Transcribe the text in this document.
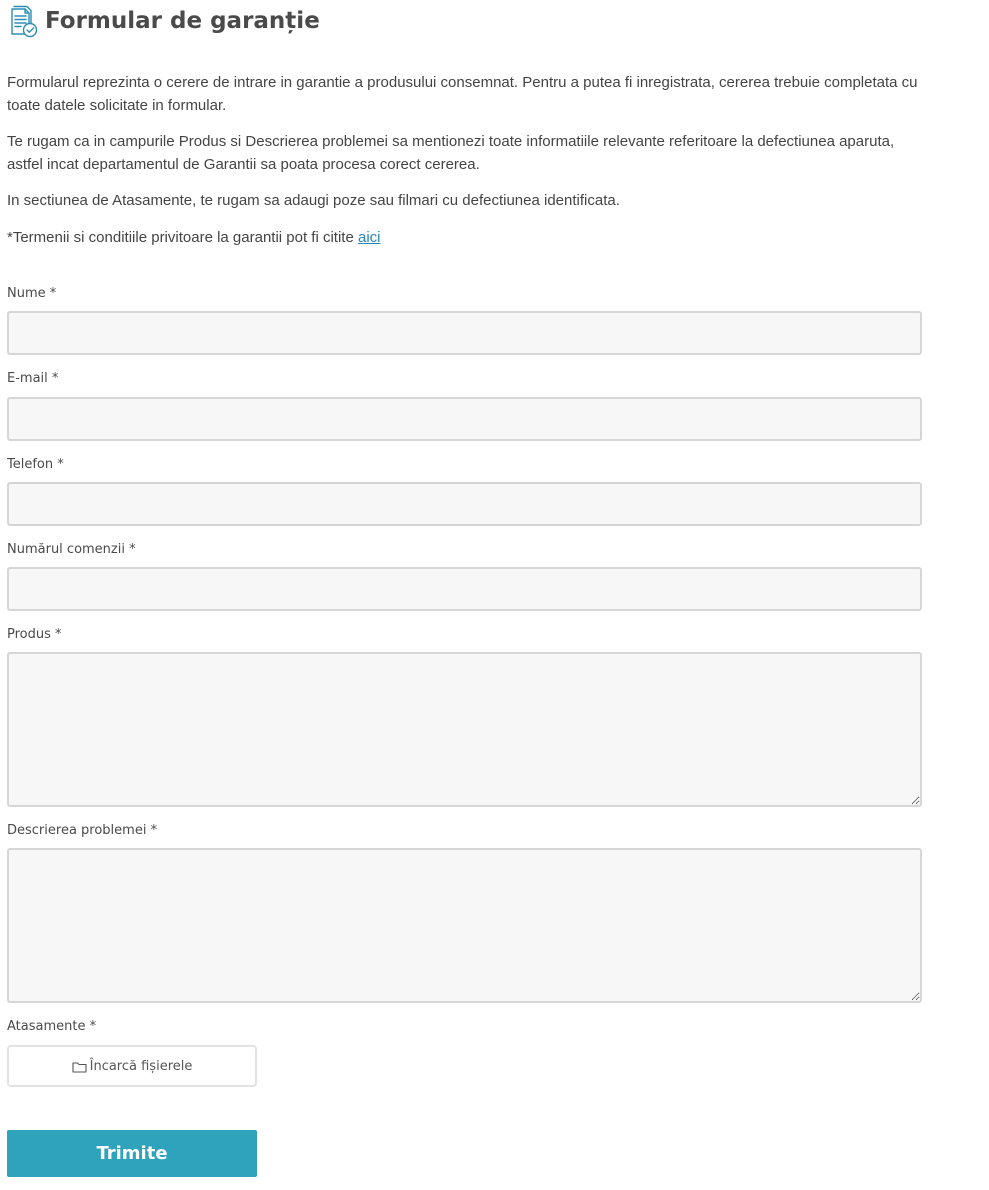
Formular de garanție

Formularul reprezinta o cerere de intrare in garantie a produsului consemnat. Pentru a putea fi inregistrata, cererea trebuie completata cu toate datele solicitate in formular.

Te rugam ca in campurile Produs si Descrierea problemei sa mentionezi toate informatiile relevante referitoare la defectiunea aparuta, astfel incat departamentul de Garantii sa poata procesa corect cererea.

In sectiunea de Atasamente, te rugam sa adaugi poze sau filmari cu defectiunea identificata.

*Termenii si conditiile privitoare la garantii pot fi citite aici

Nume *
E-mail *
Telefon *
Numărul comenzii *
Produs *
Descrierea problemei *
Atasamente *
Încarcă fișierele
Trimite
